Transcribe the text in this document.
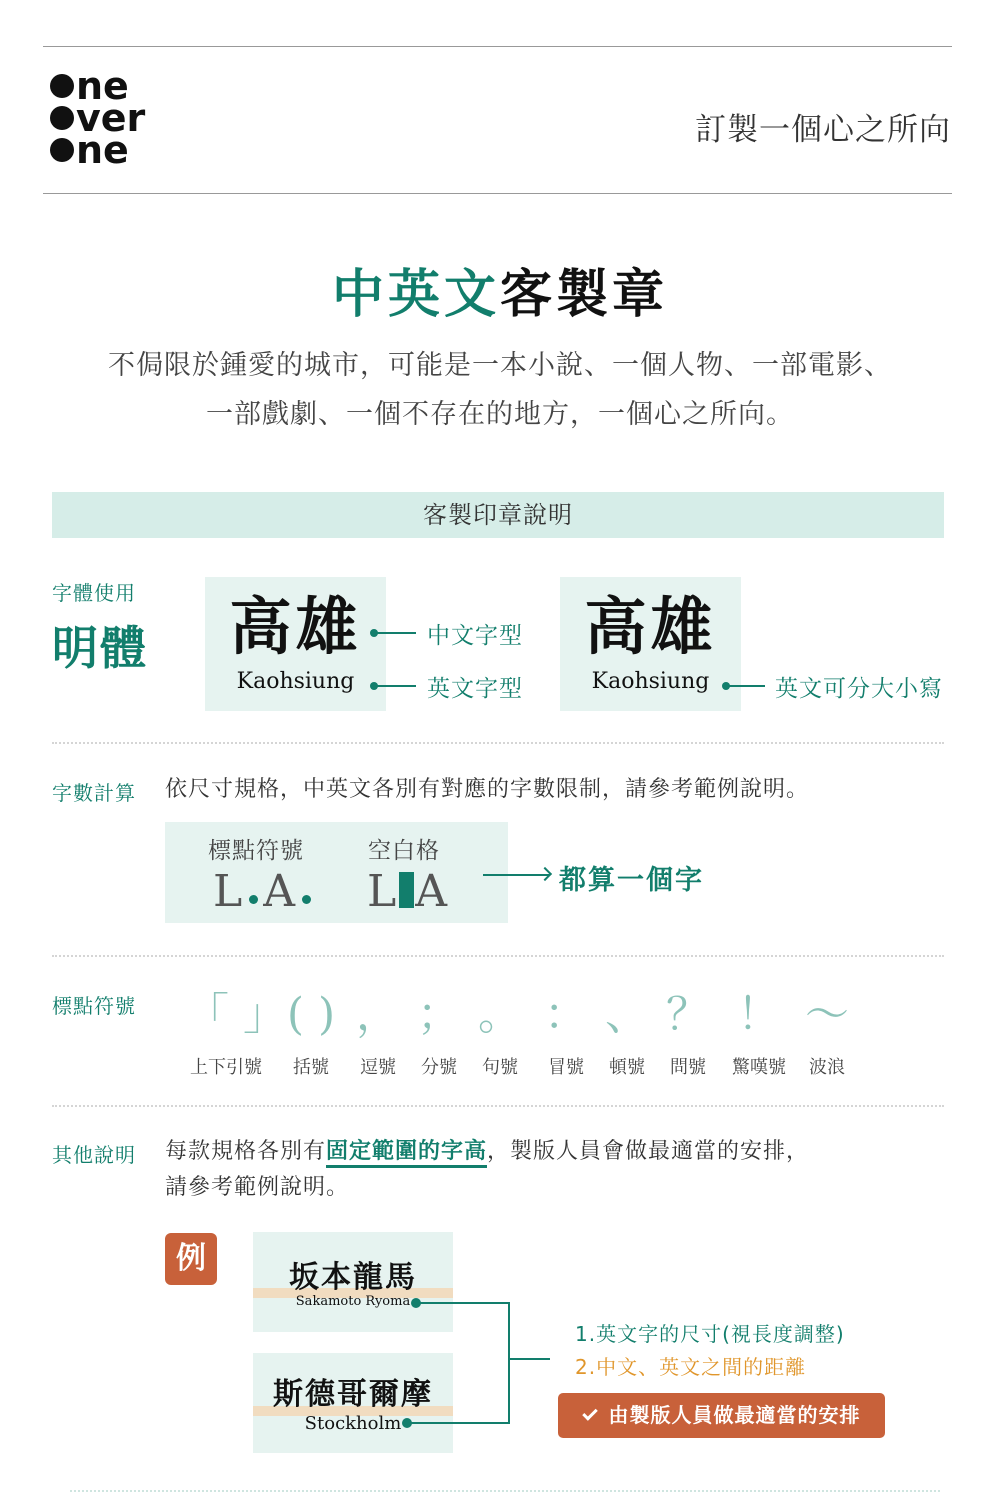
ne
ver
ne	訂製一個心之所向
中英文客製章
不侷限於鍾愛的城市，可能是一本小說、一個人物、一部電影、
一部戲劇、一個不存在的地方，一個心之所向。
客製印章說明
字體使用
明體	高雄
Kaohsiung
中文字型
英文字型
高雄
Kaohsiung	英文可分大小寫
字數計算 依尺寸規格，中英文各別有對應的字數限制，請參考範例說明。
標點符號	空白格
L A	L A	都算一個字
標點符號 「 」
上下引號
( )
括號
，
逗號
；
分號
。
句號
：
冒號
、
頓號
？
問號
！
驚嘆號
～
波浪
其他說明 每款規格各別有固定範圍的字高，製版人員會做最適當的安排，
請參考範例說明。
例
坂本龍馬
Sakamoto Ryoma
斯德哥爾摩
Stockholm
1.英文字的尺寸(視長度調整)
2.中文、英文之間的距離
由製版人員做最適當的安排
